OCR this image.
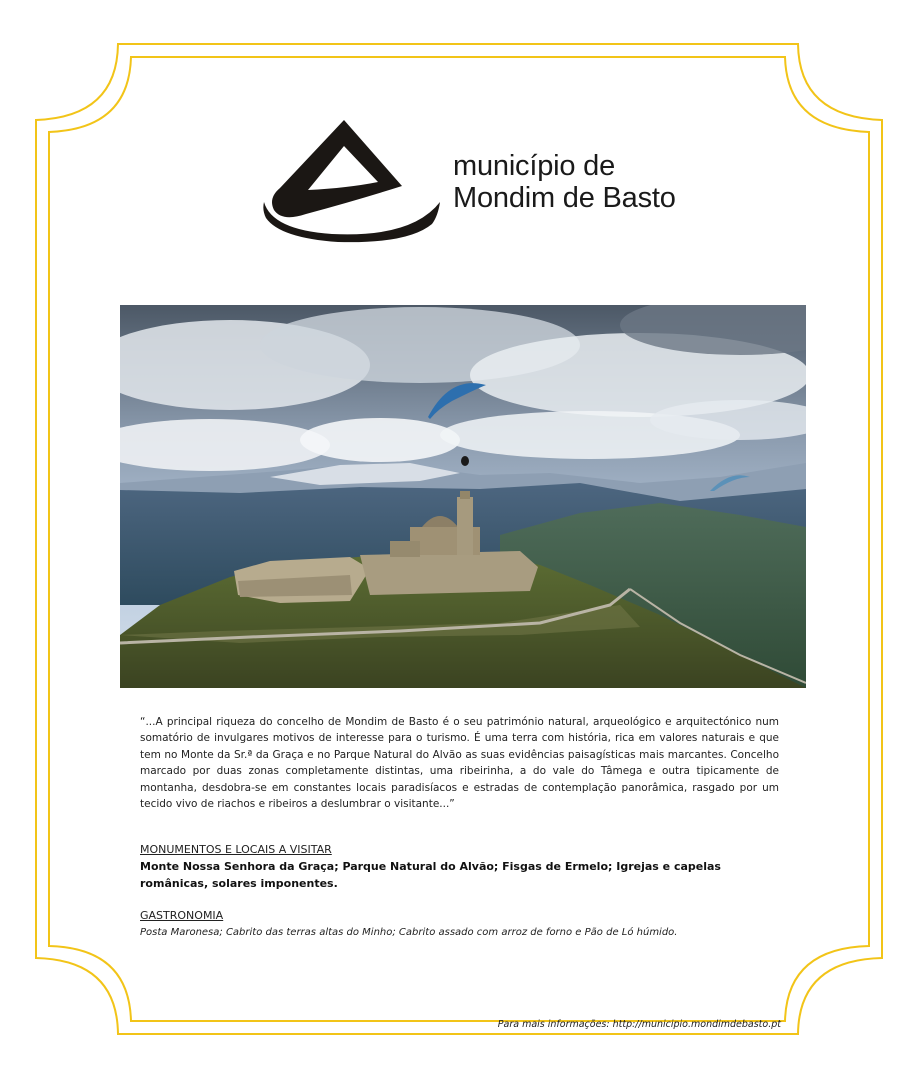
município de
Mondim de Basto
“...A principal riqueza do concelho de Mondim de Basto é o seu património natural, arqueológico e arquitectónico num somatório de invulgares motivos de interesse para o turismo. É uma terra com história, rica em valores naturais e que tem no Monte da Sr.ª da Graça e no Parque Natural do Alvão as suas evidências paisagísticas mais marcantes. Concelho marcado por duas zonas completamente distintas, uma ribeirinha, a do vale do Tâmega e outra tipicamente de montanha, desdobra-se em constantes locais paradisíacos e estradas de contemplação panorâmica, rasgado por um tecido vivo de riachos e ribeiros a deslumbrar o visitante...”
MONUMENTOS E LOCAIS A VISITAR
Monte Nossa Senhora da Graça; Parque Natural do Alvão; Fisgas de Ermelo; Igrejas e capelas românicas, solares imponentes.
GASTRONOMIA
Posta Maronesa; Cabrito das terras altas do Minho; Cabrito assado com arroz de forno e Pão de Ló húmido.
Para mais informações: http://municipio.mondimdebasto.pt
